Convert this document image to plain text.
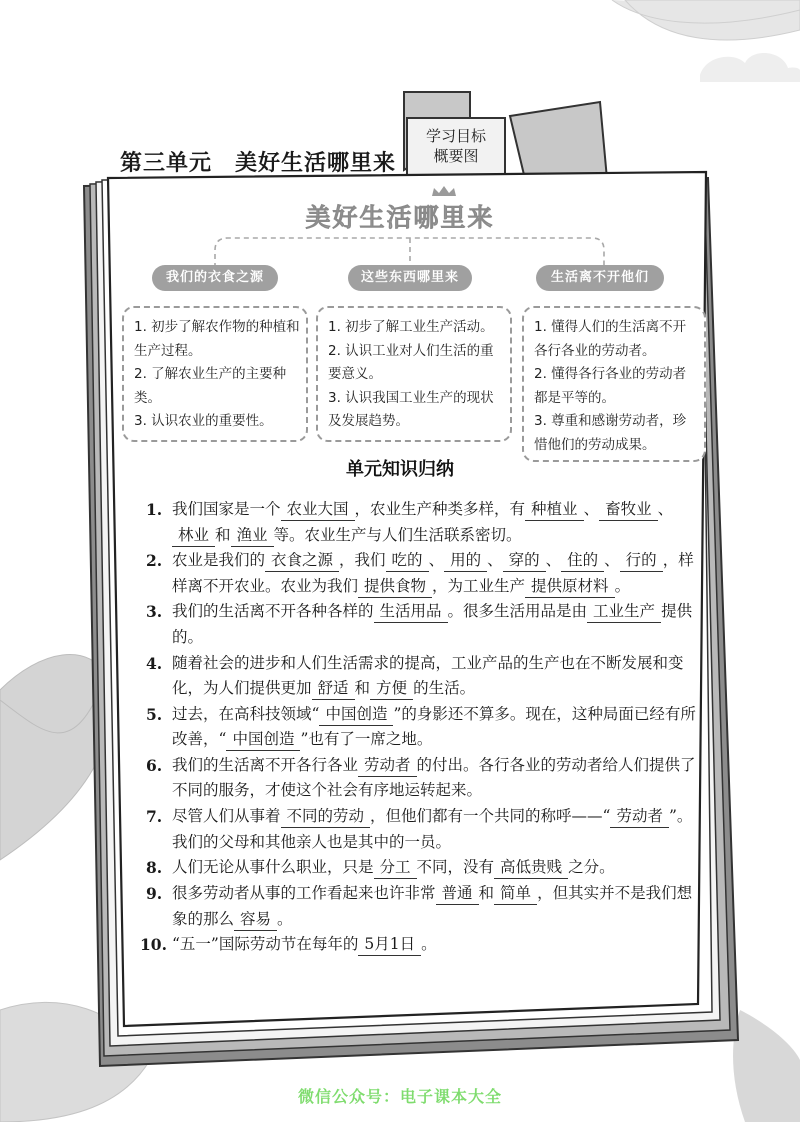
第三单元　美好生活哪里来
学习目标
概要图
美好生活哪里来
我们的衣食之源	这些东西哪里来	生活离不开他们

1. 初步了解农作物的种植和生产过程。

2. 了解农业生产的主要种类。

3. 认识农业的重要性。

1. 初步了解工业生产活动。

2. 认识工业对人们生活的重要意义。

3. 认识我国工业生产的现状及发展趋势。

1. 懂得人们的生活离不开各行各业的劳动者。

2. 懂得各行各业的劳动者都是平等的。

3. 尊重和感谢劳动者，珍惜他们的劳动成果。

单元知识归纳
1. 我们国家是一个 农业大国 ，农业生产种类多样，有 种植业 、 畜牧业 、林业 和 渔业 等。农业生产与人们生活联系密切。
2. 农业是我们的 衣食之源 ，我们 吃的 、 用的 、 穿的 、 住的 、 行的 ，样样离不开农业。农业为我们 提供食物 ，为工业生产 提供原材料 。
3. 我们的生活离不开各种各样的 生活用品 。很多生活用品是由 工业生产 提供的。
4. 随着社会的进步和人们生活需求的提高，工业产品的生产也在不断发展和变化，为人们提供更加 舒适 和 方便 的生活。
5. 过去，在高科技领域“ 中国创造 ”的身影还不算多。现在，这种局面已经有所改善，“ 中国创造 ”也有了一席之地。
6. 我们的生活离不开各行各业 劳动者 的付出。各行各业的劳动者给人们提供了不同的服务，才使这个社会有序地运转起来。
7. 尽管人们从事着 不同的劳动 ，但他们都有一个共同的称呼——“ 劳动者 ”。我们的父母和其他亲人也是其中的一员。
8. 人们无论从事什么职业，只是 分工 不同，没有 高低贵贱 之分。
9. 很多劳动者从事的工作看起来也许非常 普通 和 简单 ，但其实并不是我们想象的那么 容易 。
10. “五一”国际劳动节在每年的 5月1日 。
微信公众号：电子课本大全
